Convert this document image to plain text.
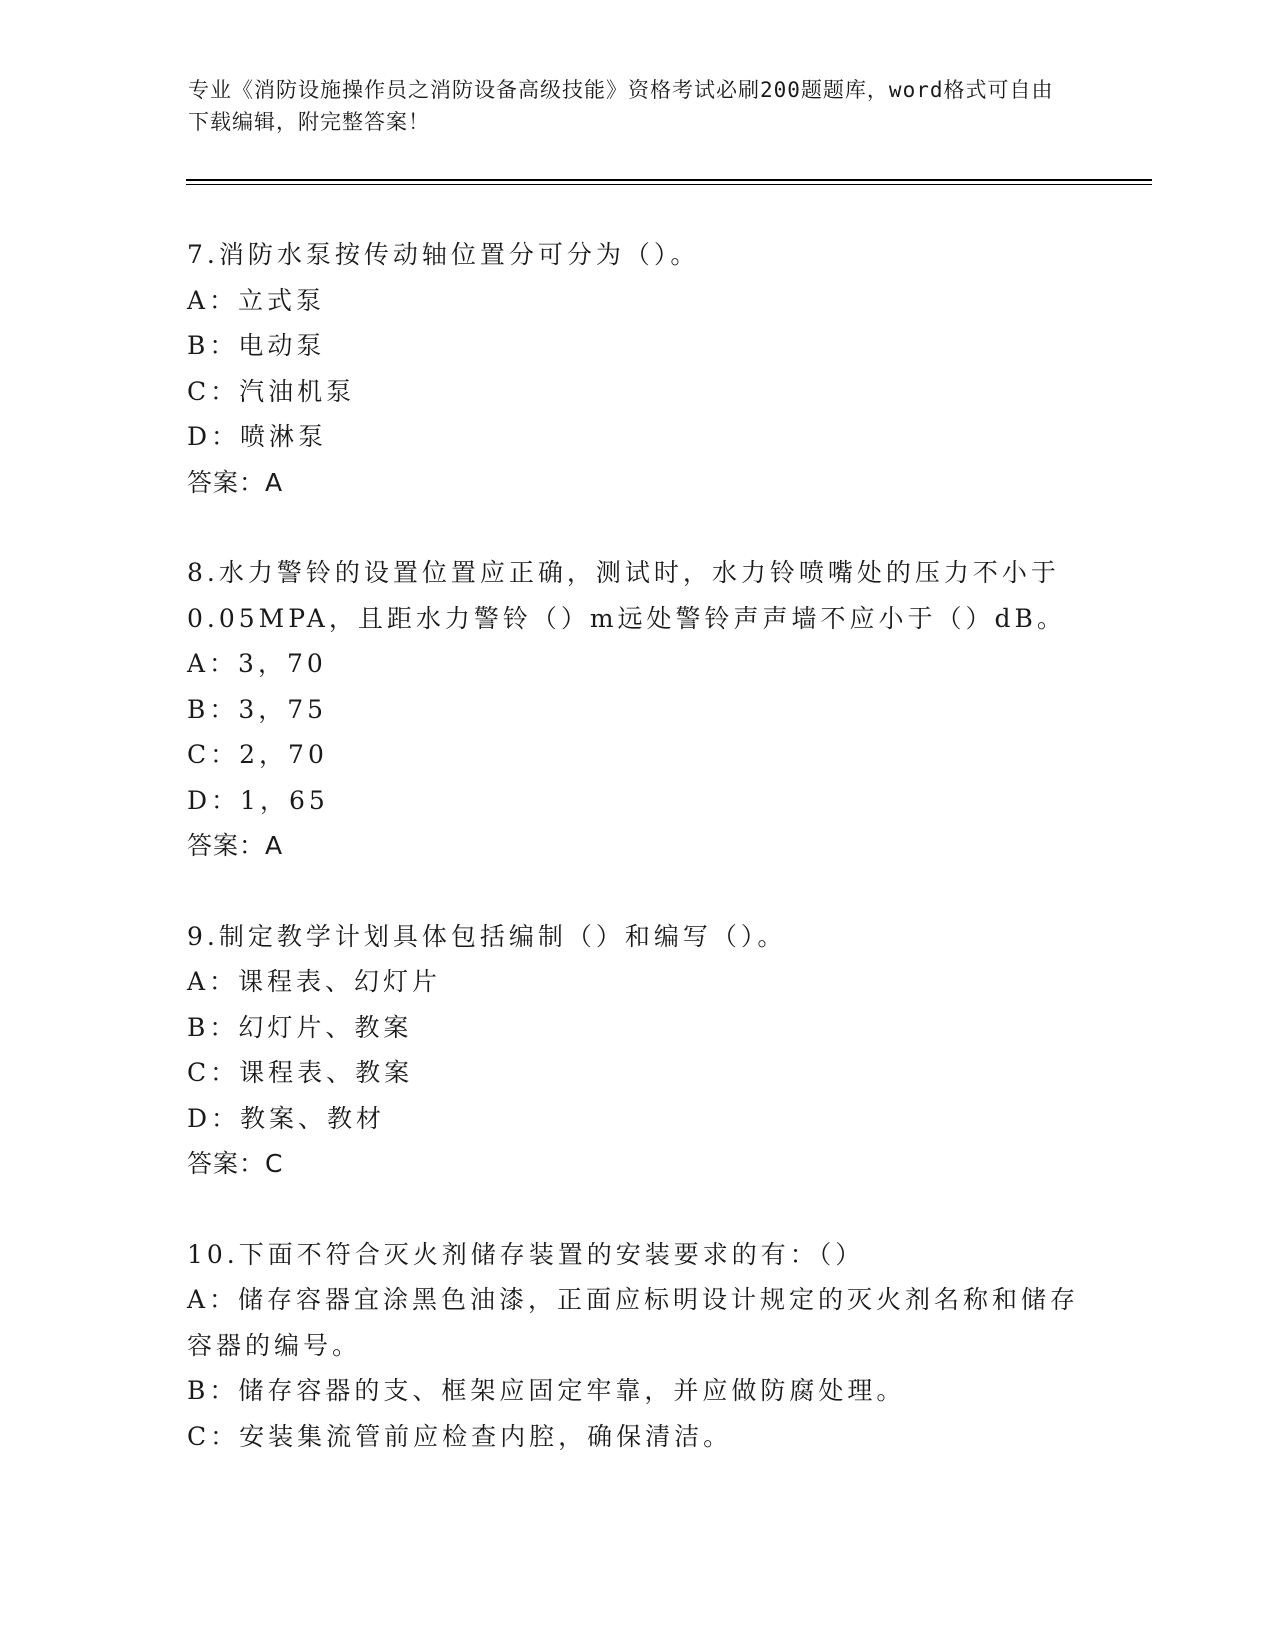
专业《消防设施操作员之消防设备高级技能》资格考试必刷200题题库，word格式可自由下载编辑，附完整答案！
7.消防水泵按传动轴位置分可分为（）。
A：立式泵
B：电动泵
C：汽油机泵
D：喷淋泵
答案：A
8.水力警铃的设置位置应正确，测试时，水力铃喷嘴处的压力不小于
0.05MPA，且距水力警铃（）m远处警铃声声墙不应小于（）dB。
A：3，70
B：3，75
C：2，70
D：1，65
答案：A
9.制定教学计划具体包括编制（）和编写（）。
A：课程表、幻灯片
B：幻灯片、教案
C：课程表、教案
D：教案、教材
答案：C
10.下面不符合灭火剂储存装置的安装要求的有：（）
A：储存容器宜涂黑色油漆，正面应标明设计规定的灭火剂名称和储存
容器的编号。
B：储存容器的支、框架应固定牢靠，并应做防腐处理。
C：安装集流管前应检查内腔，确保清洁。
